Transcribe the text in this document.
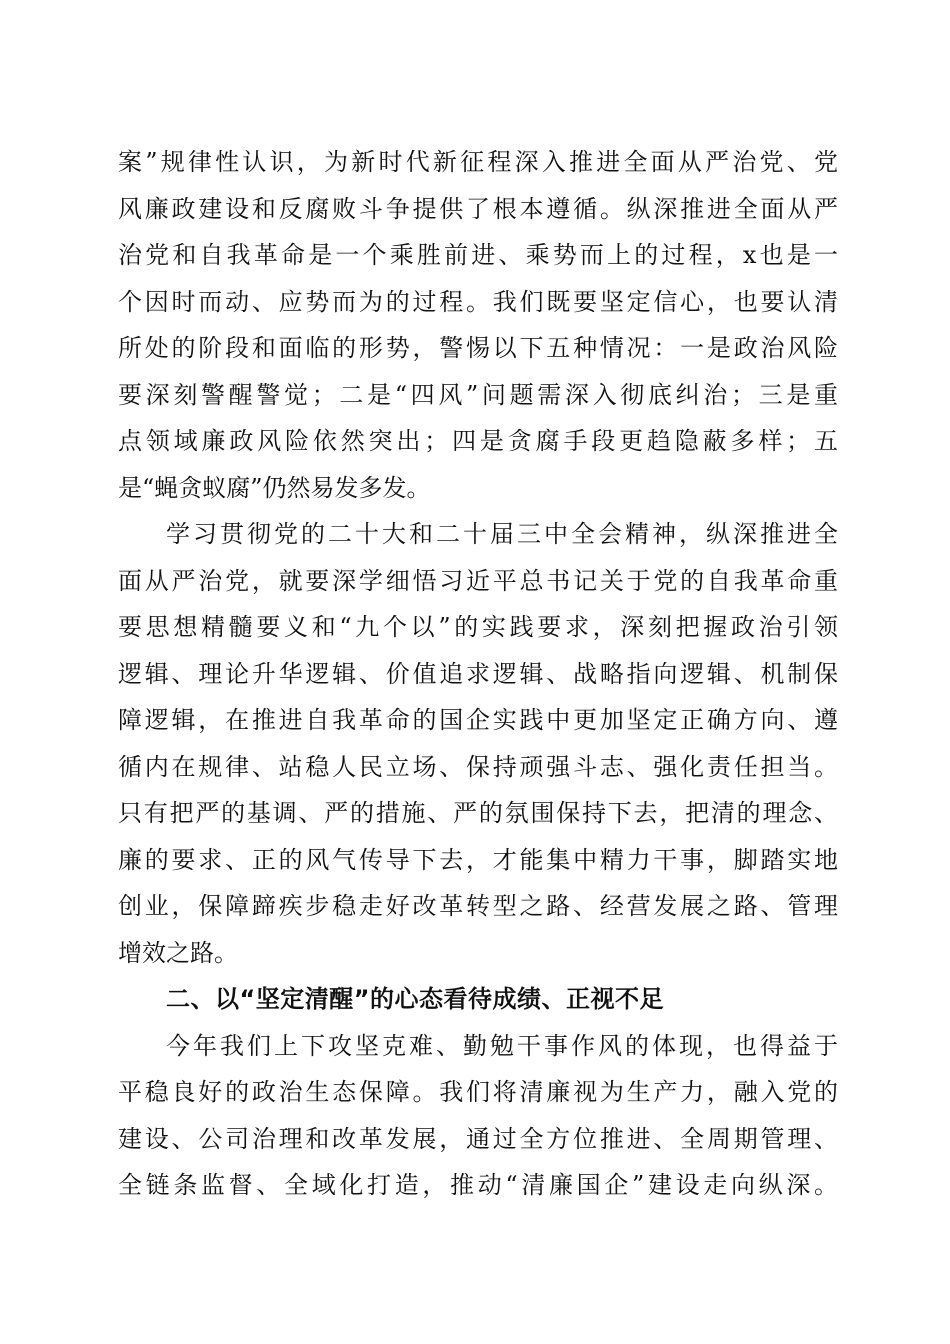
案”规律性认识，为新时代新征程深入推进全面从严治党、党
风廉政建设和反腐败斗争提供了根本遵循。纵深推进全面从严
治党和自我革命是一个乘胜前进、乘势而上的过程，x也是一
个因时而动、应势而为的过程。我们既要坚定信心，也要认清
所处的阶段和面临的形势，警惕以下五种情况：一是政治风险
要深刻警醒警觉；二是“四风”问题需深入彻底纠治；三是重
点领域廉政风险依然突出；四是贪腐手段更趋隐蔽多样；五
是“蝇贪蚁腐”仍然易发多发。
学习贯彻党的二十大和二十届三中全会精神，纵深推进全
面从严治党，就要深学细悟习近平总书记关于党的自我革命重
要思想精髓要义和“九个以”的实践要求，深刻把握政治引领
逻辑、理论升华逻辑、价值追求逻辑、战略指向逻辑、机制保
障逻辑，在推进自我革命的国企实践中更加坚定正确方向、遵
循内在规律、站稳人民立场、保持顽强斗志、强化责任担当。
只有把严的基调、严的措施、严的氛围保持下去，把清的理念、
廉的要求、正的风气传导下去，才能集中精力干事，脚踏实地
创业，保障蹄疾步稳走好改革转型之路、经营发展之路、管理
增效之路。
二、以“坚定清醒”的心态看待成绩、正视不足
今年我们上下攻坚克难、勤勉干事作风的体现，也得益于
平稳良好的政治生态保障。我们将清廉视为生产力，融入党的
建设、公司治理和改革发展，通过全方位推进、全周期管理、
全链条监督、全域化打造，推动“清廉国企”建设走向纵深。
